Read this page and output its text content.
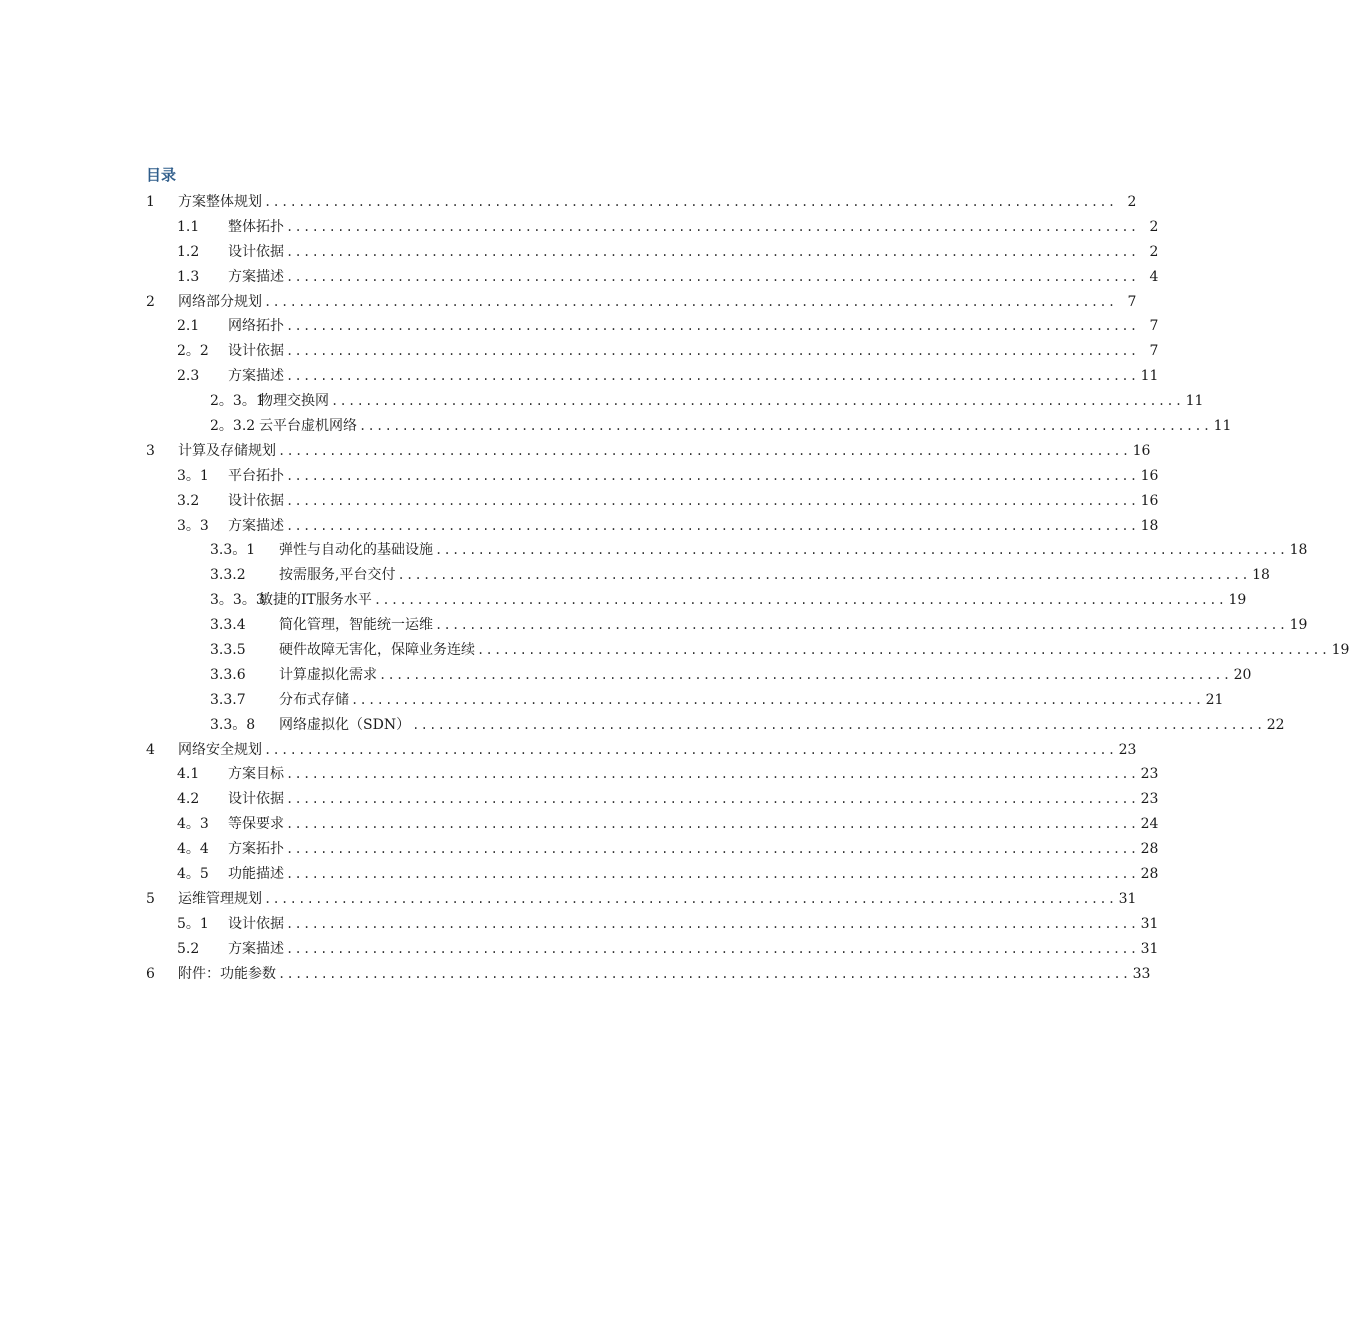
目录
1 方案整体规划 .................................................................................................... 2
1.1 整体拓扑 .................................................................................................... 2
1.2 设计依据 .................................................................................................... 2
1.3 方案描述 .................................................................................................... 4
2 网络部分规划 .................................................................................................... 7
2.1 网络拓扑 .................................................................................................... 7
2。2 设计依据 .................................................................................................... 7
2.3 方案描述 .................................................................................................... 11
2。3。1
物理交换网 .................................................................................................... 11
2。3.2 云平台虚机网络 .................................................................................................... 11
3 计算及存储规划 .................................................................................................... 16
3。1 平台拓扑 .................................................................................................... 16
3.2 设计依据 .................................................................................................... 16
3。3 方案描述 .................................................................................................... 18
3.3。1 弹性与自动化的基础设施 .................................................................................................... 18
3.3.2 按需服务,平台交付 .................................................................................................... 18
3。3。3
敏捷的IT服务水平 .................................................................................................... 19
3.3.4 简化管理，智能统一运维 .................................................................................................... 19
3.3.5 硬件故障无害化，保障业务连续 .................................................................................................... 19
3.3.6 计算虚拟化需求 .................................................................................................... 20
3.3.7 分布式存储 .................................................................................................... 21
3.3。8 网络虚拟化（SDN） .................................................................................................... 22
4 网络安全规划 .................................................................................................... 23
4.1 方案目标 .................................................................................................... 23
4.2 设计依据 .................................................................................................... 23
4。3 等保要求 .................................................................................................... 24
4。4 方案拓扑 .................................................................................................... 28
4。5 功能描述 .................................................................................................... 28
5 运维管理规划 .................................................................................................... 31
5。1 设计依据 .................................................................................................... 31
5.2 方案描述 .................................................................................................... 31
6 附件：功能参数 .................................................................................................... 33
